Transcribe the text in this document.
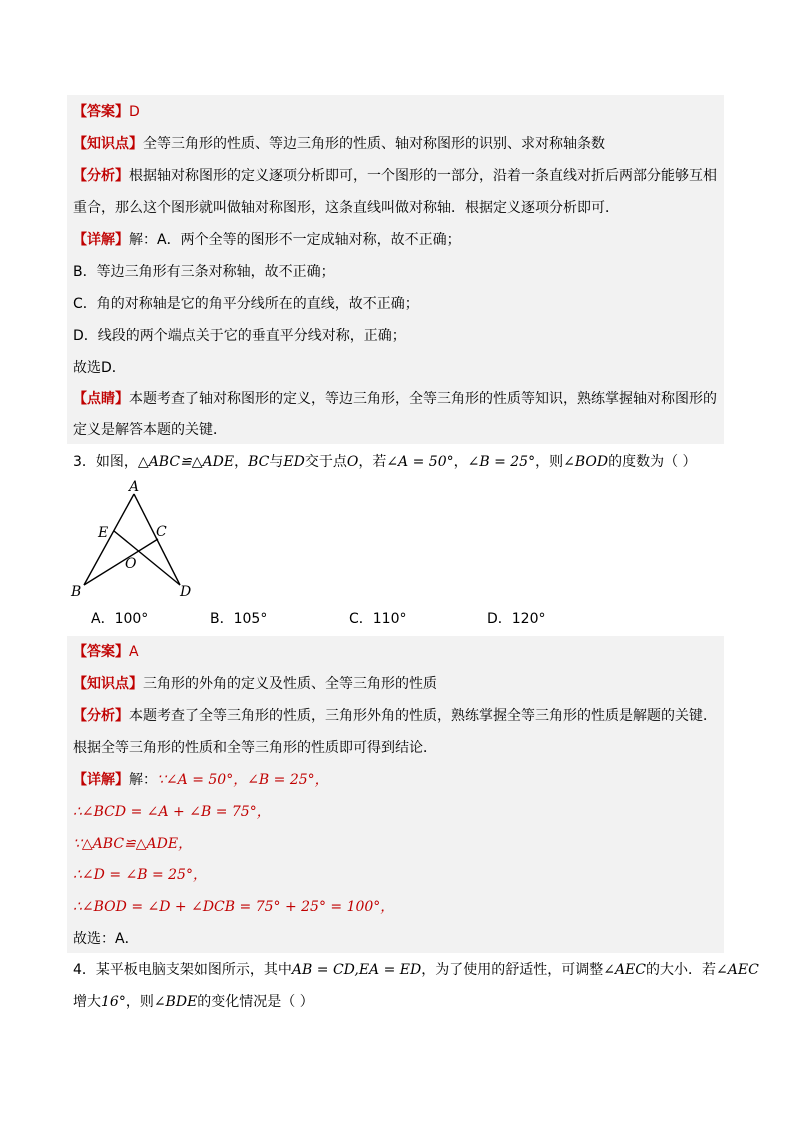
【答案】D
【知识点】全等三角形的性质、等边三角形的性质、轴对称图形的识别、求对称轴条数
【分析】根据轴对称图形的定义逐项分析即可，一个图形的一部分，沿着一条直线对折后两部分能够互相
重合，那么这个图形就叫做轴对称图形，这条直线叫做对称轴．根据定义逐项分析即可．
【详解】解：A．两个全等的图形不一定成轴对称，故不正确；
B．等边三角形有三条对称轴，故不正确；
C．角的对称轴是它的角平分线所在的直线，故不正确；
D．线段的两个端点关于它的垂直平分线对称，正确；
故选D．
【点睛】本题考查了轴对称图形的定义，等边三角形，全等三角形的性质等知识，熟练掌握轴对称图形的
定义是解答本题的关键．
3．如图，△ABC≌△ADE，BC与ED交于点O，若∠A = 50°，∠B = 25°，则∠BOD的度数为（ ）
A
B
C
D
E
O
A．100°	B．105°	C．110°	D．120°
【答案】A
【知识点】三角形的外角的定义及性质、全等三角形的性质
【分析】本题考查了全等三角形的性质，三角形外角的性质，熟练掌握全等三角形的性质是解题的关键．
根据全等三角形的性质和全等三角形的性质即可得到结论．
【详解】解：∵∠A = 50°，∠B = 25°，
∴∠BCD = ∠A + ∠B = 75°，
∵△ABC≌△ADE，
∴∠D = ∠B = 25°，
∴∠BOD = ∠D + ∠DCB = 75° + 25° = 100°，
故选：A．
4．某平板电脑支架如图所示，其中AB = CD,EA = ED，为了使用的舒适性，可调整∠AEC的大小．若∠AEC
增大16°，则∠BDE的变化情况是（ ）
